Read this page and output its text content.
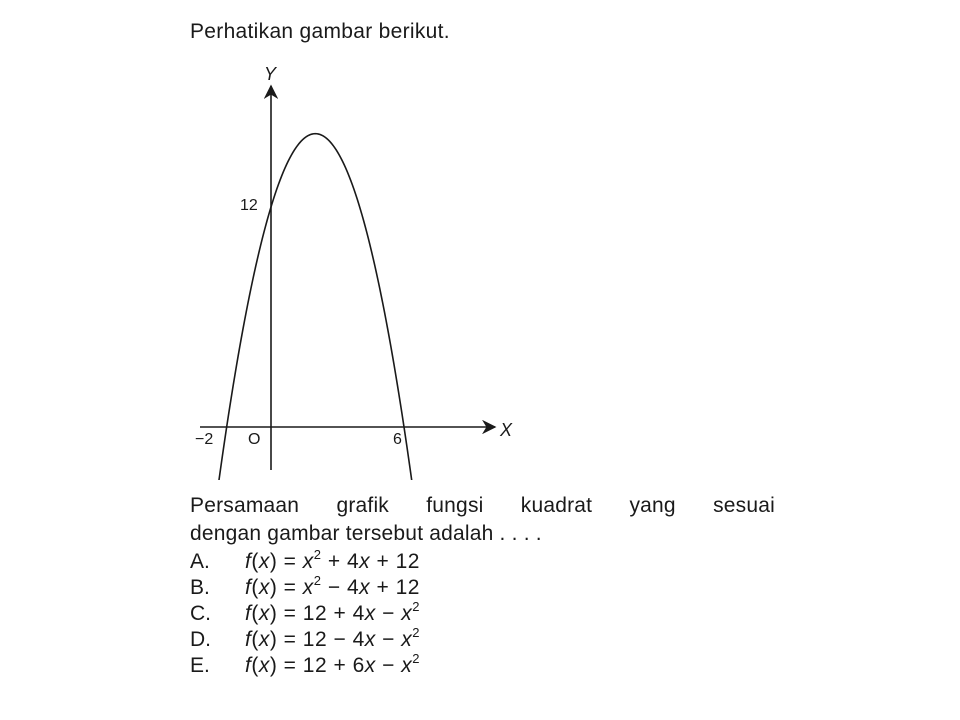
Perhatikan gambar berikut.
Y
X
O
12
−2	6

Persamaan grafik fungsi kuadrat yang sesuai

dengan gambar tersebut adalah . . . .

A.	$f(x) = x^2 + 4x + 12$
B.	$f(x) = x^2 - 4x + 12$
C.	$f(x) = 12 + 4x - x^2$
D.	$f(x) = 12 - 4x - x^2$
E.	$f(x) = 12 + 6x - x^2$
